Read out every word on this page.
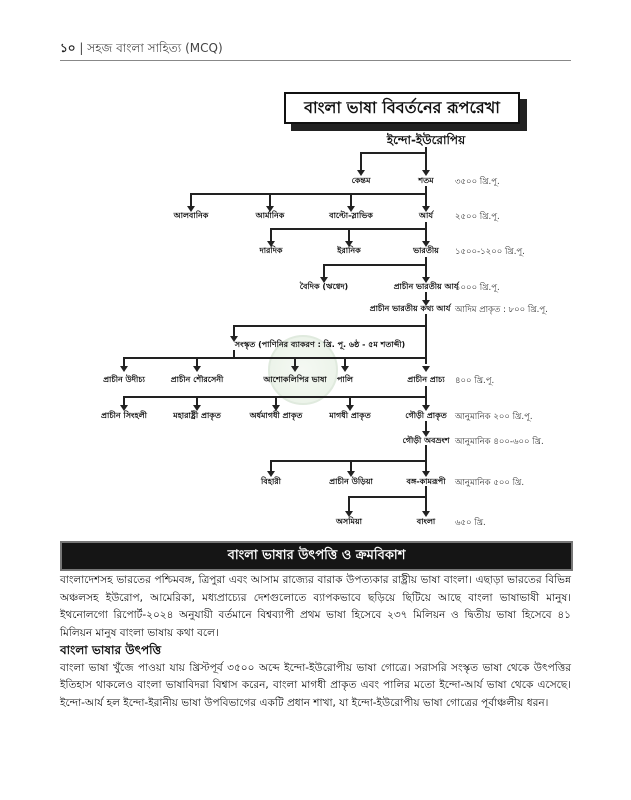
১০ | সহজ বাংলা সাহিত্য (MCQ)
বাংলা ভাষা বিবর্তনের রূপরেখা
ইন্দো-ইউরোপিয়
কেন্তম	শতম
আলবানিক	আর্মানিক	বাল্টো-স্লাভিক	আর্য
দারদিক	ইরানিক	ভারতীয়
বৈদিক (ঋগ্বেদ)	প্রাচীন ভারতীয় আর্য
প্রাচীন ভারতীয় কথ্য আর্য
সংস্কৃত (পাণিনির ব্যাকরণ : খ্রি. পূ. ৬ষ্ঠ - ৫ম শতাব্দী)
প্রাচীন উদীচ্য	প্রাচীন শৌরসেনী	আশোকলিপির ভাষা পালি	প্রাচীন প্রাচ্য
প্রাচীন সিংহলী	মহারাষ্ট্রী প্রাকৃত	অর্ধমাগধী প্রাকৃত	মাগধী প্রাকৃত	গৌড়ী প্রাকৃত
গৌড়ী অবভ্রংশ
বিহারী	প্রাচীন উড়িয়া	বঙ্গ-কামরূপী
অসমিয়া	বাংলা
৩৫০০ খ্রি.পূ.
২৫০০ খ্রি.পূ.
১৫০০-১২০০ খ্রি.পূ.
১০০০ খ্রি.পূ.
আদিম প্রাকৃত : ৮০০ খ্রি.পূ.
৪০০ খ্রি.পূ.
আনুমানিক ২০০ খ্রি.পূ.
আনুমানিক ৪০০-৬০০ খ্রি.
আনুমানিক ৫০০ খ্রি.
৬৫০ খ্রি.
বাংলা ভাষার উৎপত্তি ও ক্রমবিকাশ

বাংলাদেশসহ ভারতের পশ্চিমবঙ্গ, ত্রিপুরা এবং আসাম রাজ্যের বারাক উপত্যকার রাষ্ট্রীয় ভাষা বাংলা। এছাড়া ভারতের বিভিন্ন অঞ্চলসহ ইউরোপ, আমেরিকা, মধ্যপ্রাচ্যের দেশগুলোতে ব্যাপকভাবে ছড়িয়ে ছিটিয়ে আছে বাংলা ভাষাভাষী মানুষ। ইথনোলগো রিপোর্ট-২০২৪ অনুযায়ী বর্তমানে বিশ্বব্যাপী প্রথম ভাষা হিসেবে ২৩৭ মিলিয়ন ও দ্বিতীয় ভাষা হিসেবে ৪১ মিলিয়ন মানুষ বাংলা ভাষায় কথা বলে।

বাংলা ভাষার উৎপত্তি

বাংলা ভাষা খুঁজে পাওয়া যায় খ্রিস্টপূর্ব ৩৫০০ অব্দে ইন্দো-ইউরোপীয় ভাষা গোত্রে। সরাসরি সংস্কৃত ভাষা থেকে উৎপত্তির ইতিহাস থাকলেও বাংলা ভাষাবিদরা বিশ্বাস করেন, বাংলা মাগধী প্রাকৃত এবং পালির মতো ইন্দো-আর্য ভাষা থেকে এসেছে। ইন্দো-আর্য হল ইন্দো-ইরানীয় ভাষা উপবিভাগের একটি প্রধান শাখা, যা ইন্দো-ইউরোপীয় ভাষা গোত্রের পূর্বাঞ্চলীয় ধরন।
